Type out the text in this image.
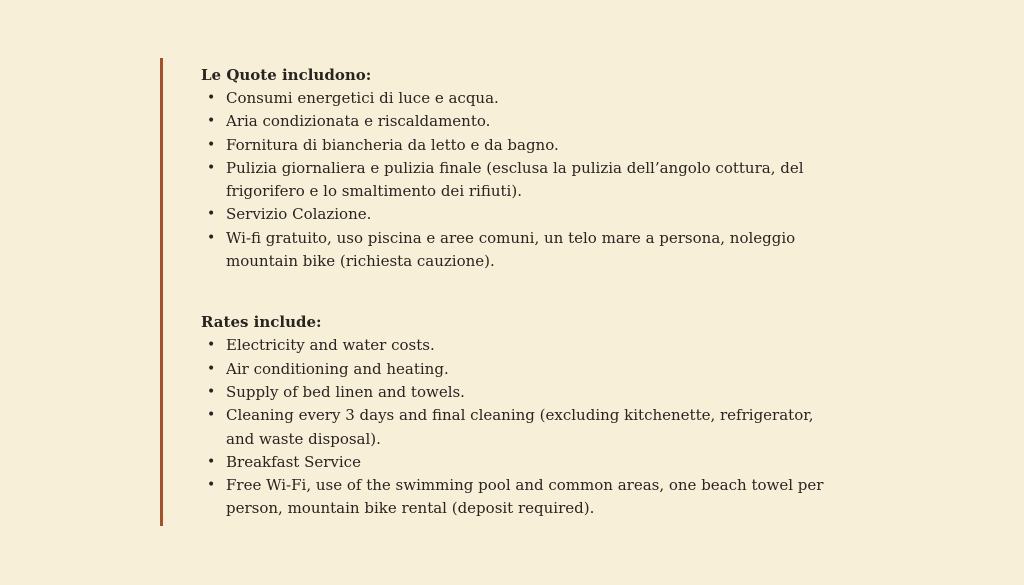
Le Quote includono:

• Consumi energetici di luce e acqua.
• Aria condizionata e riscaldamento.
• Fornitura di biancheria da letto e da bagno.
• Pulizia giornaliera e pulizia finale (esclusa la pulizia dell’angolo cottura, del frigorifero e lo smaltimento dei rifiuti).
• Servizio Colazione.
• Wi-fi gratuito, uso piscina e aree comuni, un telo mare a persona, noleggio mountain bike (richiesta cauzione).

Rates include:

• Electricity and water costs.
• Air conditioning and heating.
• Supply of bed linen and towels.
• Cleaning every 3 days and final cleaning (excluding kitchenette, refrigerator, and waste disposal).
• Breakfast Service
• Free Wi-Fi, use of the swimming pool and common areas, one beach towel per person, mountain bike rental (deposit required).
